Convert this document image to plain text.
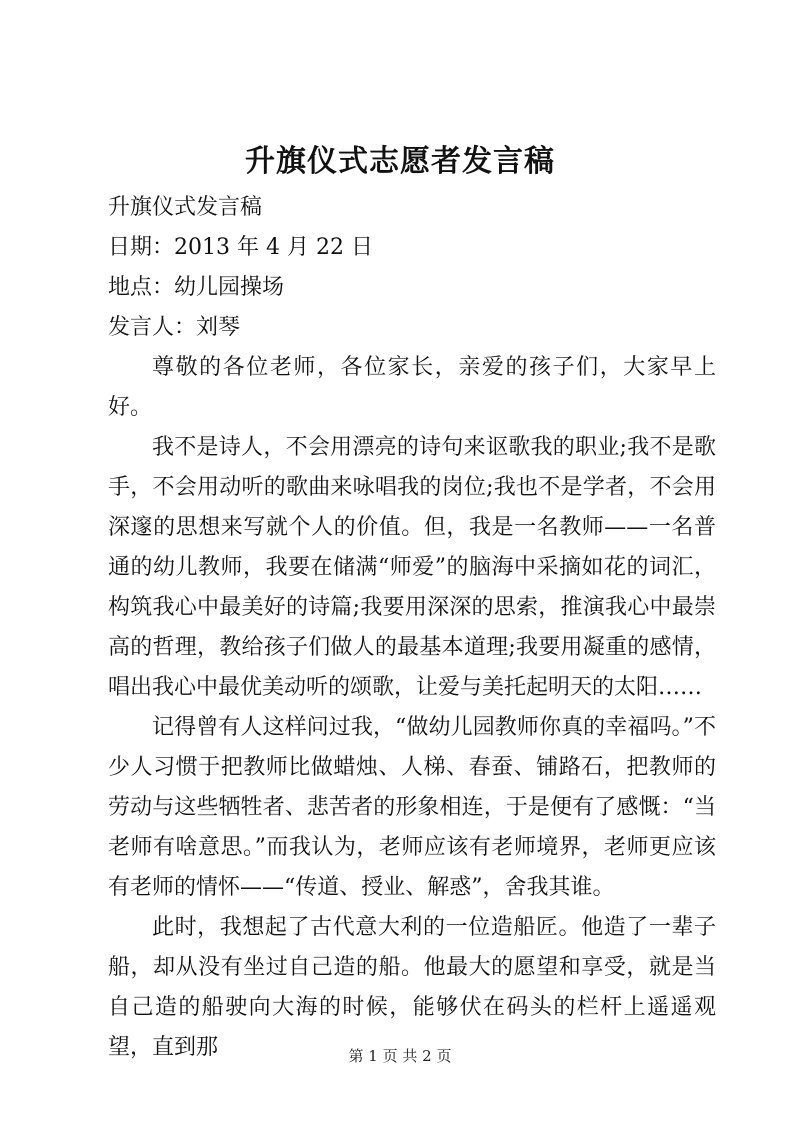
升旗仪式志愿者发言稿

升旗仪式发言稿

日期：2013 年 4 月 22 日

地点：幼儿园操场

发言人：刘琴

尊敬的各位老师，各位家长，亲爱的孩子们，大家早上好。

我不是诗人，不会用漂亮的诗句来讴歌我的职业;我不是歌手，不会用动听的歌曲来咏唱我的岗位;我也不是学者，不会用深邃的思想来写就个人的价值。但，我是一名教师——一名普通的幼儿教师，我要在储满“师爱”的脑海中采摘如花的词汇，构筑我心中最美好的诗篇;我要用深深的思索，推演我心中最崇高的哲理，教给孩子们做人的最基本道理;我要用凝重的感情，唱出我心中最优美动听的颂歌，让爱与美托起明天的太阳……

记得曾有人这样问过我，“做幼儿园教师你真的幸福吗。”不少人习惯于把教师比做蜡烛、人梯、春蚕、铺路石，把教师的劳动与这些牺牲者、悲苦者的形象相连，于是便有了感慨：“当老师有啥意思。”而我认为，老师应该有老师境界，老师更应该有老师的情怀——“传道、授业、解惑”，舍我其谁。

此时，我想起了古代意大利的一位造船匠。他造了一辈子船，却从没有坐过自己造的船。他最大的愿望和享受，就是当自己造的船驶向大海的时候，能够伏在码头的栏杆上遥遥观望，直到那	第 1 页 共 2 页
